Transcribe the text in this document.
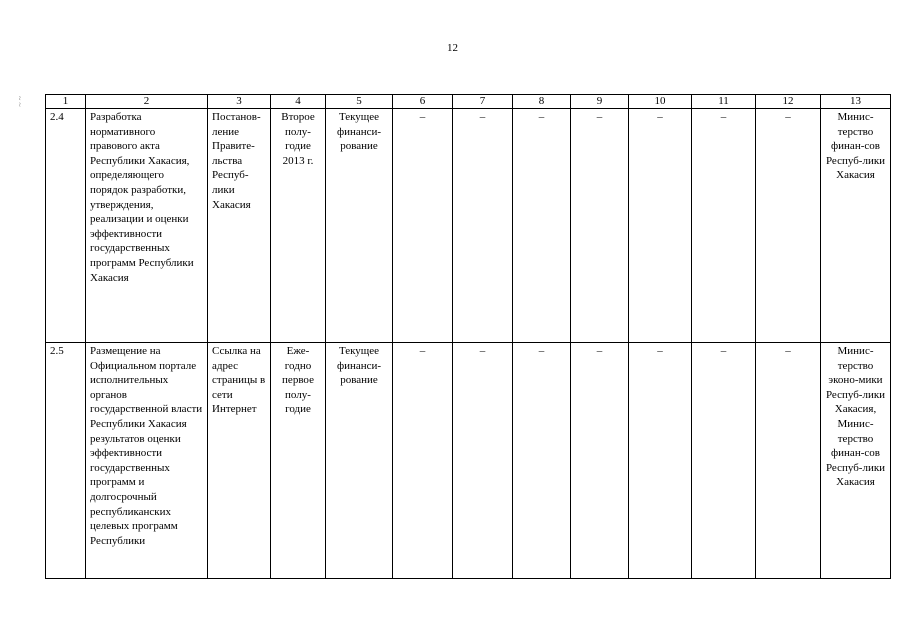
12
~ ~	1	2	3	4	5	6	7	8	9	10	11	12	13
2.4	Разработка нормативного правового акта Республики Хакасия, определяющего порядок разработки, утверждения, реализации и оценки эффективности государственных программ Республики Хакасия	Постанов-ление Правите-льства Респуб-лики Хакасия	Второе полу-годие 2013 г.	Текущее финанси-рование	–	–	–	–	–	–	–	Минис-терство финан-сов Респуб-лики Хакасия
2.5	Размещение на Официальном портале исполнительных органов государственной власти Республики Хакасия результатов оценки эффективности государственных программ и долгосрочный республиканских целевых программ Республики	Ссылка на адрес страницы в сети Интернет	Еже-годно первое полу-годие	Текущее финанси-рование	–	–	–	–	–	–	–	Минис-терство эконо-мики Респуб-лики Хакасия, Минис-терство финан-сов Респуб-лики Хакасия
